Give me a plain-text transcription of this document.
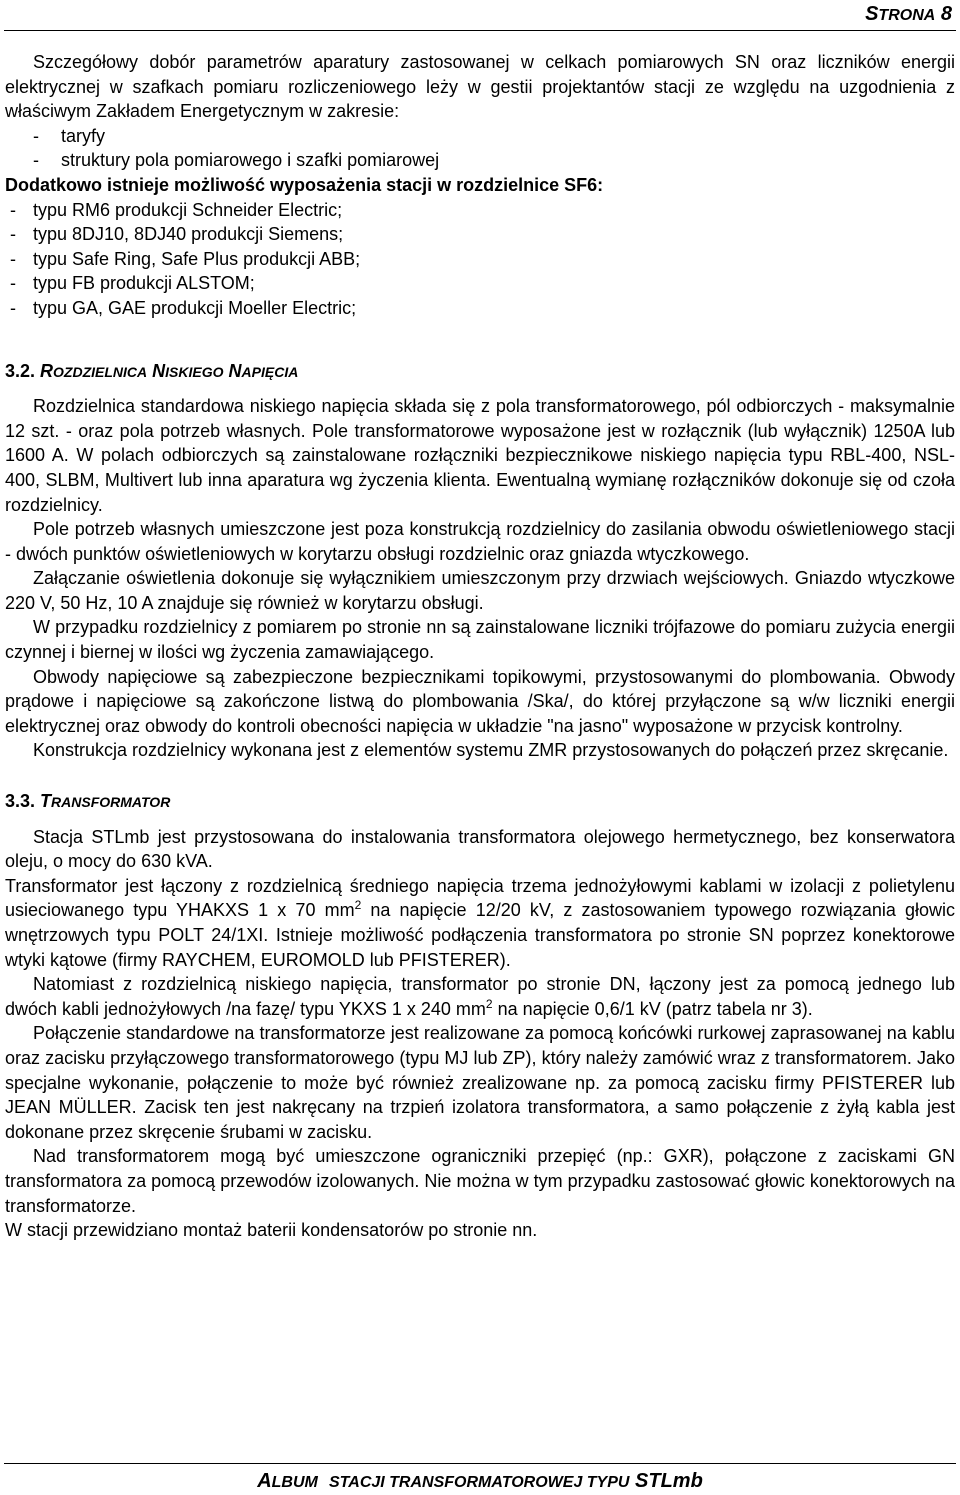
STRONA 8

Szczegółowy dobór parametrów aparatury zastosowanej w celkach pomiarowych SN oraz liczników energii elektrycznej w szafkach pomiaru rozliczeniowego leży w gestii projektantów stacji ze względu na uzgodnienia z właściwym Zakładem Energetycznym w zakresie:

- taryfy

- struktury pola pomiarowego i szafki pomiarowej

Dodatkowo istnieje możliwość wyposażenia stacji w rozdzielnice SF6:

- typu RM6 produkcji Schneider Electric;

- typu 8DJ10, 8DJ40 produkcji Siemens;

- typu Safe Ring, Safe Plus produkcji ABB;

- typu FB produkcji ALSTOM;

- typu GA, GAE produkcji Moeller Electric;

3.2. ROZDZIELNICA NISKIEGO NAPIĘCIA

Rozdzielnica standardowa niskiego napięcia składa się z pola transformatorowego, pól odbiorczych - maksymalnie 12 szt. - oraz pola potrzeb własnych. Pole transformatorowe wyposażone jest w rozłącznik (lub wyłącznik) 1250A lub 1600 A. W polach odbiorczych są zainstalowane rozłączniki bezpiecznikowe niskiego napięcia typu RBL-400, NSL-400, SLBM, Multivert lub inna aparatura wg życzenia klienta. Ewentualną wymianę rozłączników dokonuje się od czoła rozdzielnicy.

Pole potrzeb własnych umieszczone jest poza konstrukcją rozdzielnicy do zasilania obwodu oświetleniowego stacji - dwóch punktów oświetleniowych w korytarzu obsługi rozdzielnic oraz gniazda wtyczkowego.

Załączanie oświetlenia dokonuje się wyłącznikiem umieszczonym przy drzwiach wejściowych. Gniazdo wtyczkowe 220 V, 50 Hz, 10 A znajduje się również w korytarzu obsługi.

W przypadku rozdzielnicy z pomiarem po stronie nn są zainstalowane liczniki trójfazowe do pomiaru zużycia energii czynnej i biernej w ilości wg życzenia zamawiającego.

Obwody napięciowe są zabezpieczone bezpiecznikami topikowymi, przystosowanymi do plombowania. Obwody prądowe i napięciowe są zakończone listwą do plombowania /Ska/, do której przyłączone są w/w liczniki energii elektrycznej oraz obwody do kontroli obecności napięcia w układzie "na jasno" wyposażone w przycisk kontrolny.

Konstrukcja rozdzielnicy wykonana jest z elementów systemu ZMR przystosowanych do połączeń przez skręcanie.

3.3. TRANSFORMATOR

Stacja STLmb jest przystosowana do instalowania transformatora olejowego hermetycznego, bez konserwatora oleju, o mocy do 630 kVA.

Transformator jest łączony z rozdzielnicą średniego napięcia trzema jednożyłowymi kablami w izolacji z polietylenu usieciowanego typu YHAKXS 1 x 70 $mm^2$ na napięcie 12/20 kV, z zastosowaniem typowego rozwiązania głowic wnętrzowych typu POLT 24/1XI. Istnieje możliwość podłączenia transformatora po stronie SN poprzez konektorowe wtyki kątowe (firmy RAYCHEM, EUROMOLD lub PFISTERER).

Natomiast z rozdzielnicą niskiego napięcia, transformator po stronie DN, łączony jest za pomocą jednego lub dwóch kabli jednożyłowych /na fazę/ typu YKXS 1 x 240 $mm^2$ na napięcie 0,6/1 kV (patrz tabela nr 3).

Połączenie standardowe na transformatorze jest realizowane za pomocą końcówki rurkowej zaprasowanej na kablu oraz zacisku przyłączowego transformatorowego (typu MJ lub ZP), który należy zamówić wraz z transformatorem. Jako specjalne wykonanie, połączenie to może być również zrealizowane np. za pomocą zacisku firmy PFISTERER lub JEAN MÜLLER. Zacisk ten jest nakręcany na trzpień izolatora transformatora, a samo połączenie z żyłą kabla jest dokonane przez skręcenie śrubami w zacisku.

Nad transformatorem mogą być umieszczone ograniczniki przepięć (np.: GXR), połączone z zaciskami GN transformatora za pomocą przewodów izolowanych. Nie można w tym przypadku zastosować głowic konektorowych na transformatorze.

W stacji przewidziano montaż baterii kondensatorów po stronie nn.

ALBUM STACJI TRANSFORMATOROWEJ TYPU STLmb
